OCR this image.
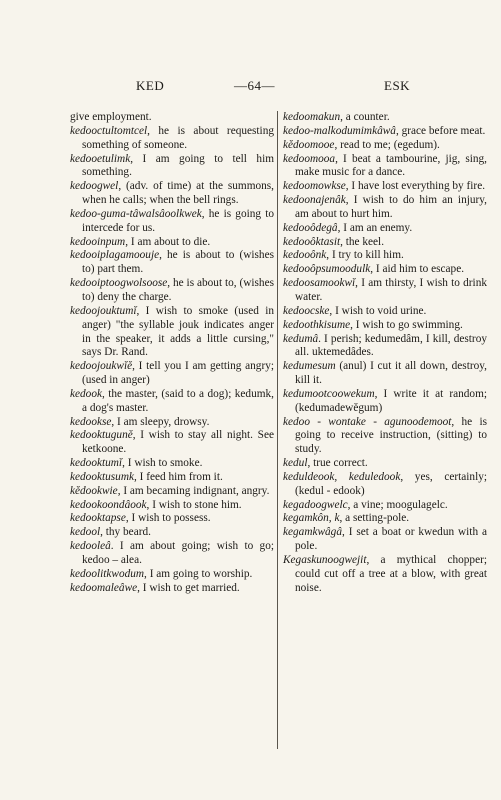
KED	—64—	ESK

give employment.

kedooctultomtcel, he is about requesting something of someone.

kedooetulimk, I am going to tell him something.

kedoogwel, (adv. of time) at the summons, when he calls; when the bell rings.

kedoo-guma-tâwalsâoolkwek, he is going to intercede for us.

kedooinpum, I am about to die.

kedooiplagamoouje, he is about to (wishes to) part them.

kedooiptoogwolsoose, he is about to, (wishes to) deny the charge.

kedoojouktumĭ, I wish to smoke (used in anger) "the syllable jouk indicates anger in the speaker, it adds a little cursing," says Dr. Rand.

kedoojoukwĭĕ, I tell you I am getting angry;(used in anger)

kedook, the master, (said to a dog); kedumk, a dog's master.

kedookse, I am sleepy, drowsy.

kedooktugunĕ, I wish to stay all night. See ketkoone.

kedooktumĭ, I wish to smoke.

kedooktusumk, I feed him from it.

kĕdookwie, I am becaming indignant, angry.

kedookoondâook, I wish to stone him.

kedooktapse, I wish to possess.

kedool, thy beard.

kedooleâ. I am about going; wish to go; kedoo – alea.

kedoolitkwodum, I am going to worship.

kedoomaleâwe, I wish to get married.

kedoomakun, a counter.

kedoo-malkodumimkâwâ, grace before meat.

kĕdoomooe, read to me; (egedum).

kedoomooa, I beat a tambourine, jig, sing, make music for a dance.

kedoomowkse, I have lost everything by fire.

kedoonajenâk, I wish to do him an injury, am about to hurt him.

kedooôdegâ, I am an enemy.

kedooôktasit, the keel.

kedooônk, I try to kill him.

kedooôpsumoodulk, I aid him to escape.

kedoosamookwĭ, I am thirsty, I wish to drink water.

kedoocske, I wish to void urine.

kedoothkisume, I wish to go swimming.

kedumâ. I perish; kedumedâm, I kill, destroy all. uktemedâdes.

kedumesum (anul) I cut it all down, destroy, kill it.

kedumootcoowekum, I write it at random;(kedumadewĕgum)

kedoo - wontake - agunoodemoot, he is going to receive instruction, (sitting) to study.

kedul, true correct.

keduldeook, keduledook, yes, certainly; (kedul - edook)

kegadoogwelc, a vine; moogulagelc.

kegamkôn, k, a setting-pole.

kegamkwâgâ, I set a boat or kwedun with a pole.

Kegaskunoogwejit, a mythical chopper; could cut off a tree at a blow, with great noise.
